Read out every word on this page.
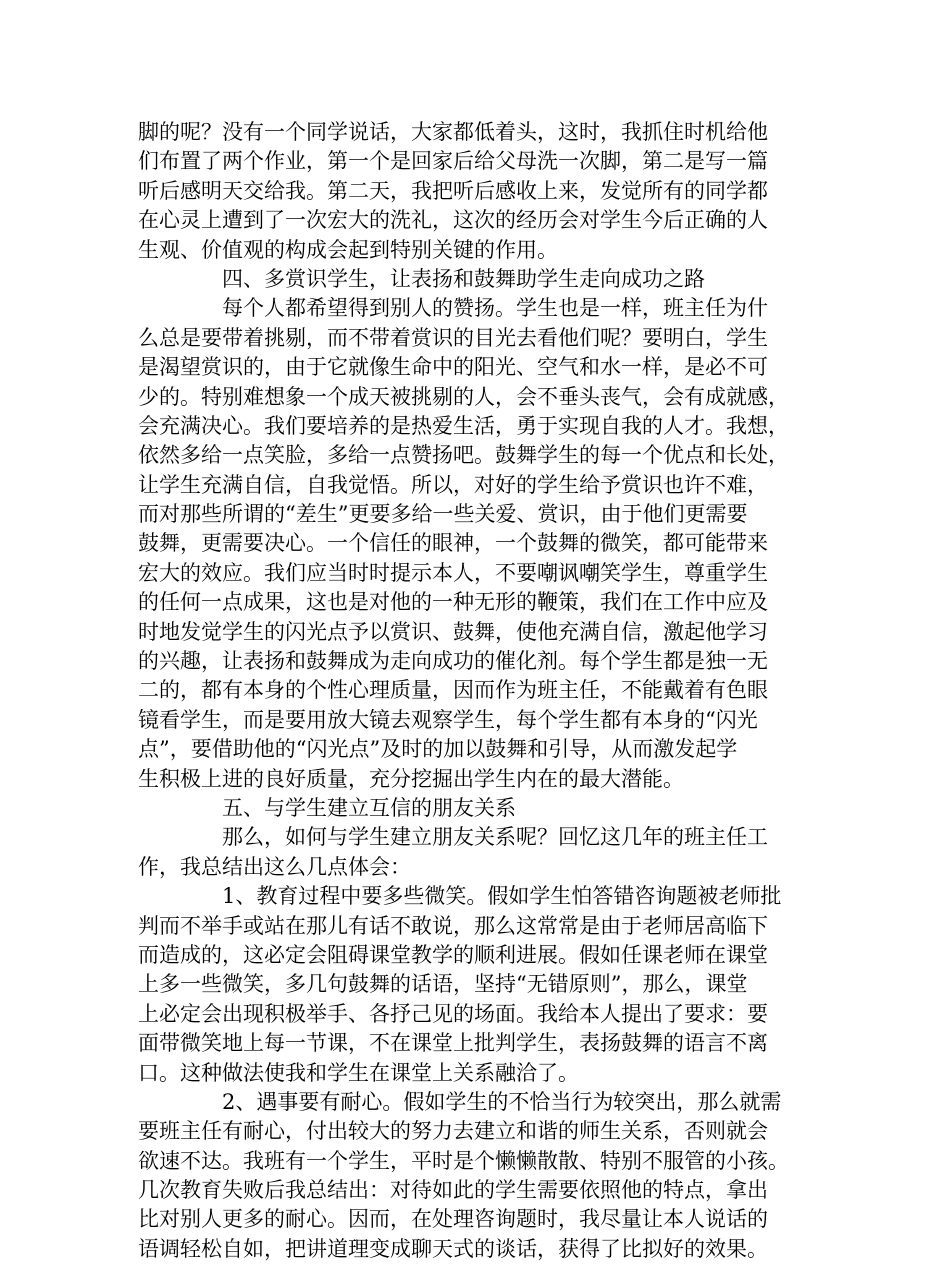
脚的呢？没有一个同学说话，大家都低着头，这时，我抓住时机给他
们布置了两个作业，第一个是回家后给父母洗一次脚，第二是写一篇
听后感明天交给我。第二天，我把听后感收上来，发觉所有的同学都
在心灵上遭到了一次宏大的洗礼，这次的经历会对学生今后正确的人
生观、价值观的构成会起到特别关键的作用。
四、多赏识学生，让表扬和鼓舞助学生走向成功之路
每个人都希望得到别人的赞扬。学生也是一样，班主任为什
么总是要带着挑剔，而不带着赏识的目光去看他们呢？要明白，学生
是渴望赏识的，由于它就像生命中的阳光、空气和水一样，是必不可
少的。特别难想象一个成天被挑剔的人，会不垂头丧气，会有成就感，
会充满决心。我们要培养的是热爱生活，勇于实现自我的人才。我想，
依然多给一点笑脸，多给一点赞扬吧。鼓舞学生的每一个优点和长处，
让学生充满自信，自我觉悟。所以，对好的学生给予赏识也许不难，
而对那些所谓的“差生”更要多给一些关爱、赏识，由于他们更需要
鼓舞，更需要决心。一个信任的眼神，一个鼓舞的微笑，都可能带来
宏大的效应。我们应当时时提示本人，不要嘲讽嘲笑学生，尊重学生
的任何一点成果，这也是对他的一种无形的鞭策，我们在工作中应及
时地发觉学生的闪光点予以赏识、鼓舞，使他充满自信，激起他学习
的兴趣，让表扬和鼓舞成为走向成功的催化剂。每个学生都是独一无
二的，都有本身的个性心理质量，因而作为班主任，不能戴着有色眼
镜看学生，而是要用放大镜去观察学生，每个学生都有本身的“闪光
点”，要借助他的“闪光点”及时的加以鼓舞和引导，从而激发起学
生积极上进的良好质量，充分挖掘出学生内在的最大潜能。
五、与学生建立互信的朋友关系
那么，如何与学生建立朋友关系呢？回忆这几年的班主任工
作，我总结出这么几点体会：
1、教育过程中要多些微笑。假如学生怕答错咨询题被老师批
判而不举手或站在那儿有话不敢说，那么这常常是由于老师居高临下
而造成的，这必定会阻碍课堂教学的顺利进展。假如任课老师在课堂
上多一些微笑，多几句鼓舞的话语，坚持“无错原则”，那么，课堂
上必定会出现积极举手、各抒己见的场面。我给本人提出了要求：要
面带微笑地上每一节课，不在课堂上批判学生，表扬鼓舞的语言不离
口。这种做法使我和学生在课堂上关系融洽了。
2、遇事要有耐心。假如学生的不恰当行为较突出，那么就需
要班主任有耐心，付出较大的努力去建立和谐的师生关系，否则就会
欲速不达。我班有一个学生，平时是个懒懒散散、特别不服管的小孩。
几次教育失败后我总结出：对待如此的学生需要依照他的特点，拿出
比对别人更多的耐心。因而，在处理咨询题时，我尽量让本人说话的
语调轻松自如，把讲道理变成聊天式的谈话，获得了比拟好的效果。
